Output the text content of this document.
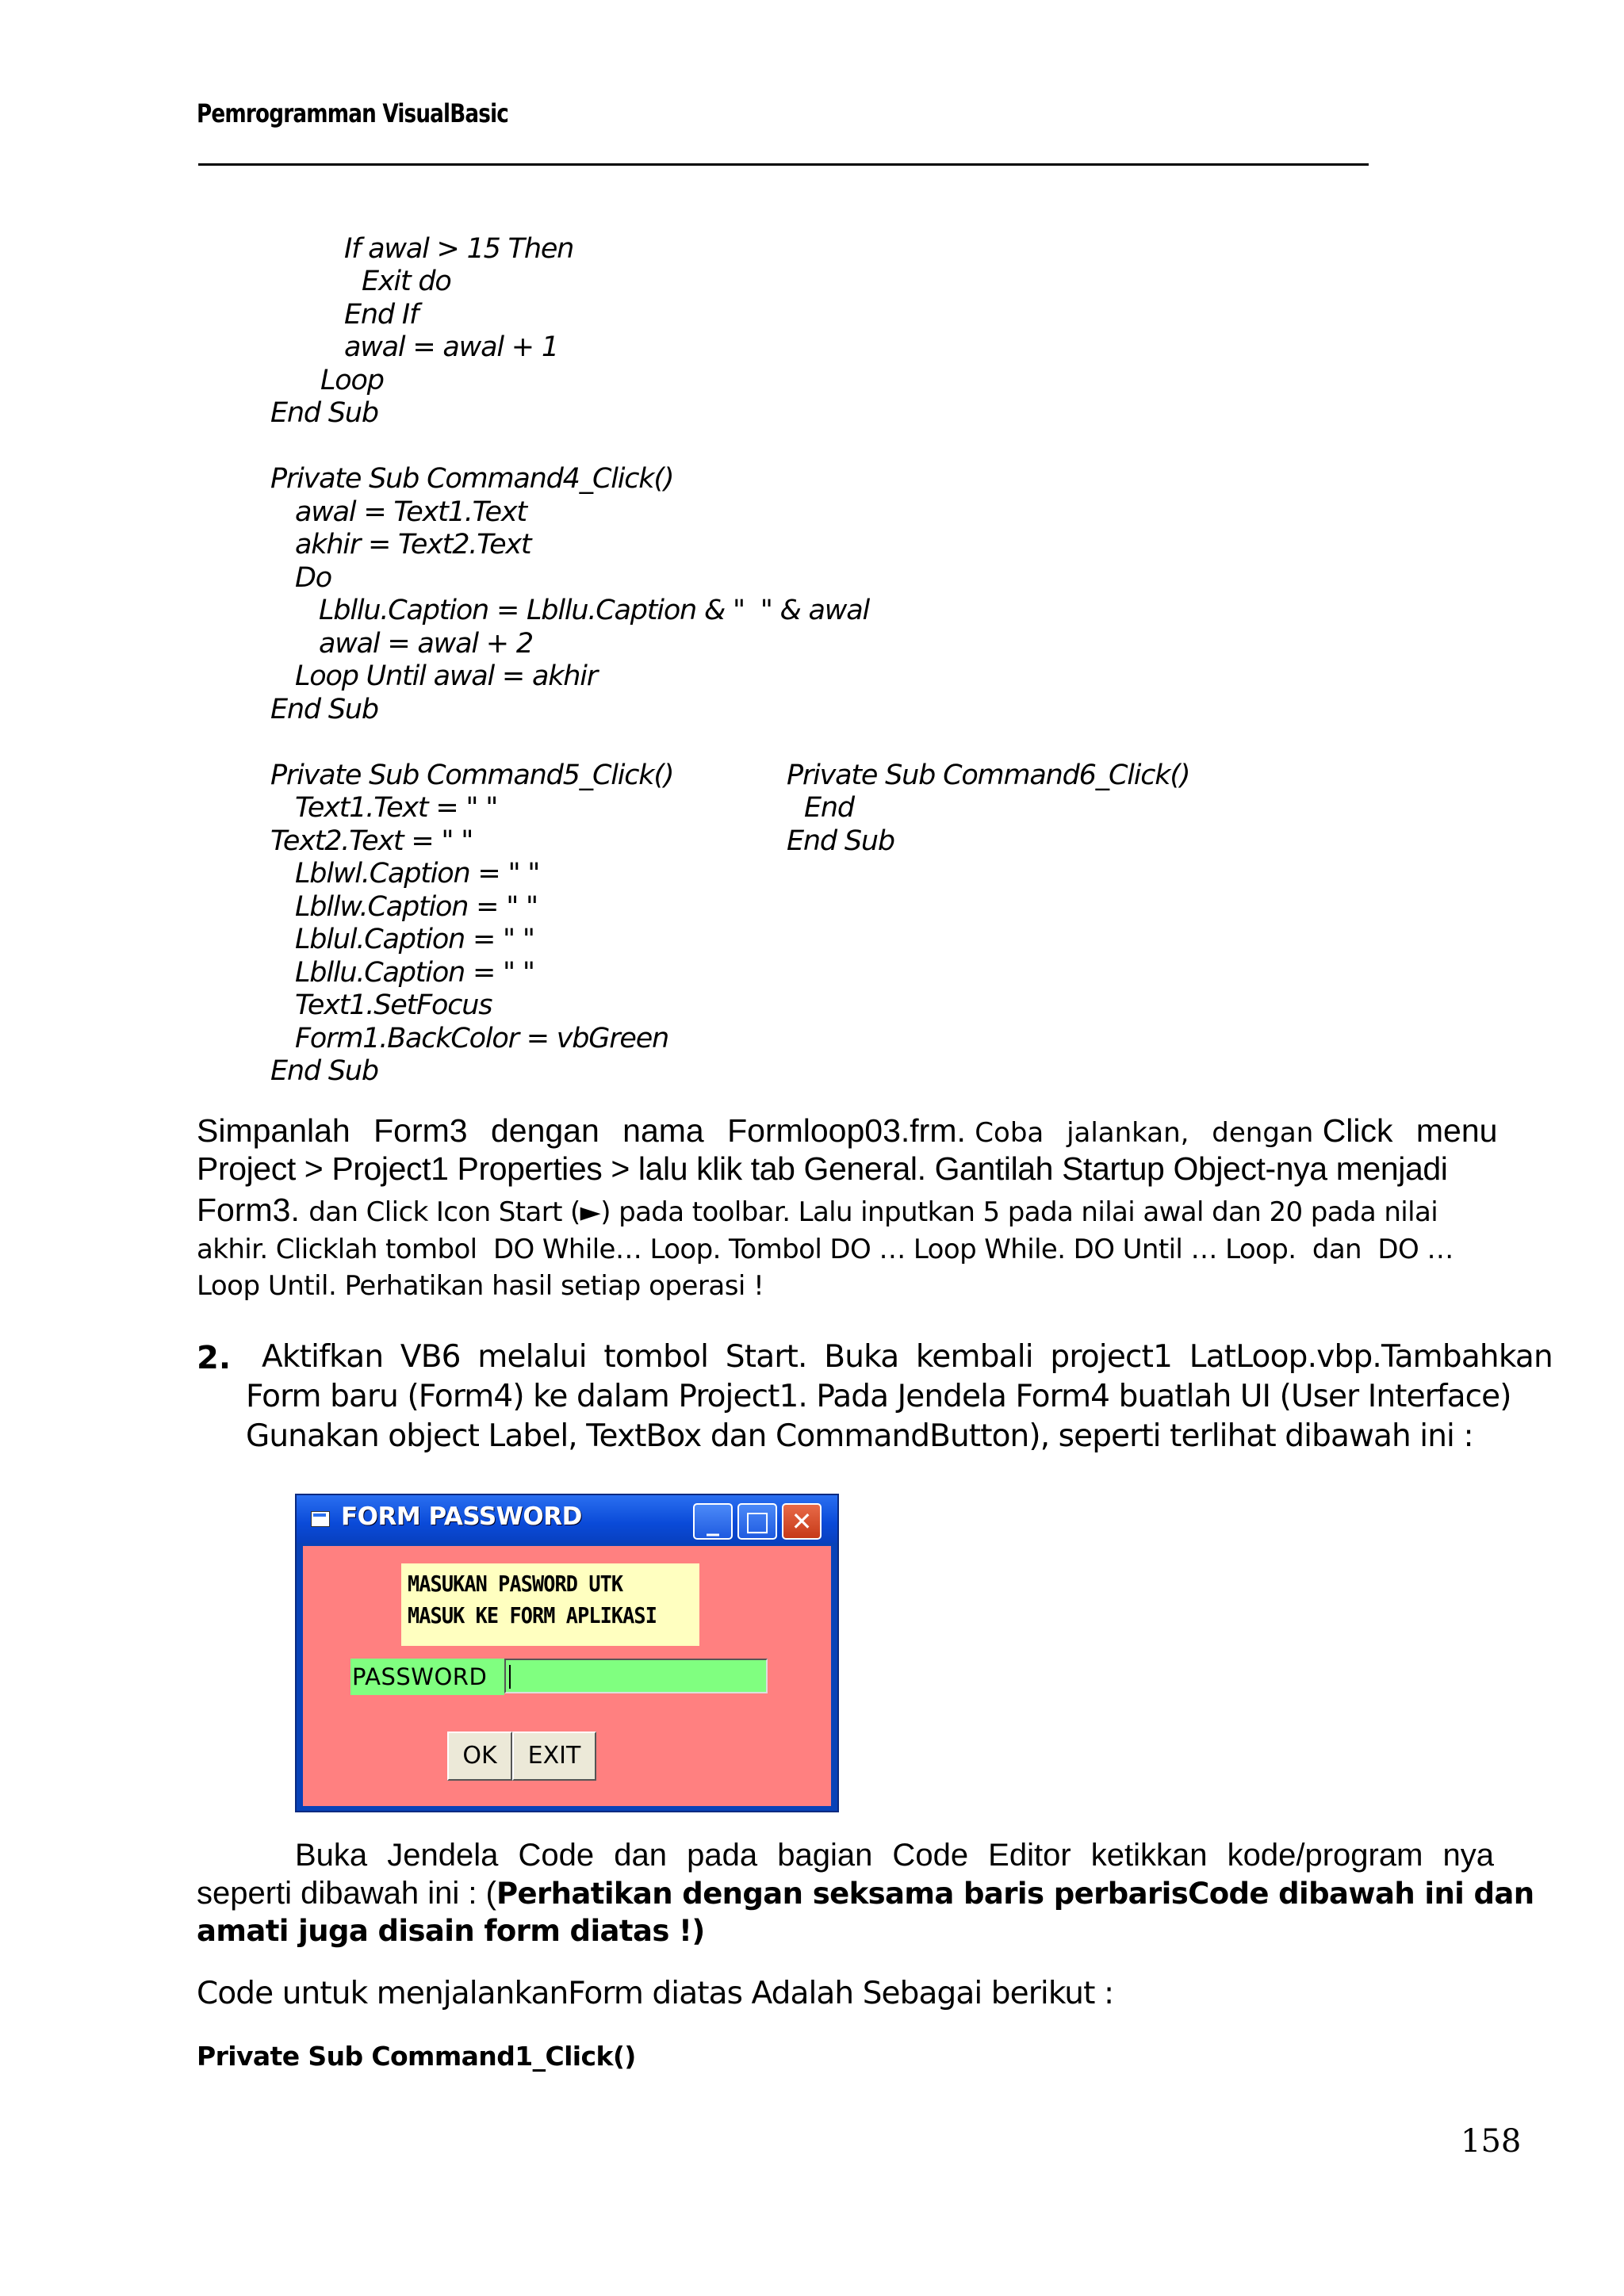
Pemrogramman VisualBasic
If awal > 15 Then
Exit do
End If
awal = awal + 1
Loop
End Sub
Private Sub Command4_Click()
awal = Text1.Text
akhir = Text2.Text
Do
Lbllu.Caption = Lbllu.Caption & "  " & awal
awal = awal + 2
Loop Until awal = akhir
End Sub
Private Sub Command5_Click()
Text1.Text = " "
Text2.Text = " "
Lblwl.Caption = " "
Lbllw.Caption = " "
Lblul.Caption = " "
Lbllu.Caption = " "
Text1.SetFocus
Form1.BackColor = vbGreen
End Sub
Private Sub Command6_Click()
End
End Sub
Simpanlah Form3 dengan nama Formloop03.frm. Coba jalankan, dengan Click menu
Project > Project1 Properties > lalu klik tab General. Gantilah Startup Object-nya menjadi
Form3. dan Click Icon Start (►) pada toolbar. Lalu inputkan 5 pada nilai awal dan 20 pada nilai
akhir. Clicklah tombol  DO While… Loop. Tombol DO … Loop While. DO Until … Loop.  dan  DO …
Loop Until. Perhatikan hasil setiap operasi !
2. Aktifkan VB6 melalui tombol Start. Buka kembali project1 LatLoop.vbp.Tambahkan
Form baru (Form4) ke dalam Project1. Pada Jendela Form4 buatlah UI (User Interface)
Gunakan object Label, TextBox dan CommandButton), seperti terlihat dibawah ini :
FORM PASSWORD	_ □ ✕
MASUKAN PASWORD UTK
MASUK KE FORM APLIKASI
PASSWORD
OK	EXIT
Buka Jendela Code dan pada bagian Code Editor ketikkan kode/program nya
seperti dibawah ini : (Perhatikan dengan seksama baris perbarisCode dibawah ini dan
amati juga disain form diatas !)
Code untuk menjalankanForm diatas Adalah Sebagai berikut :
Private Sub Command1_Click()
158
